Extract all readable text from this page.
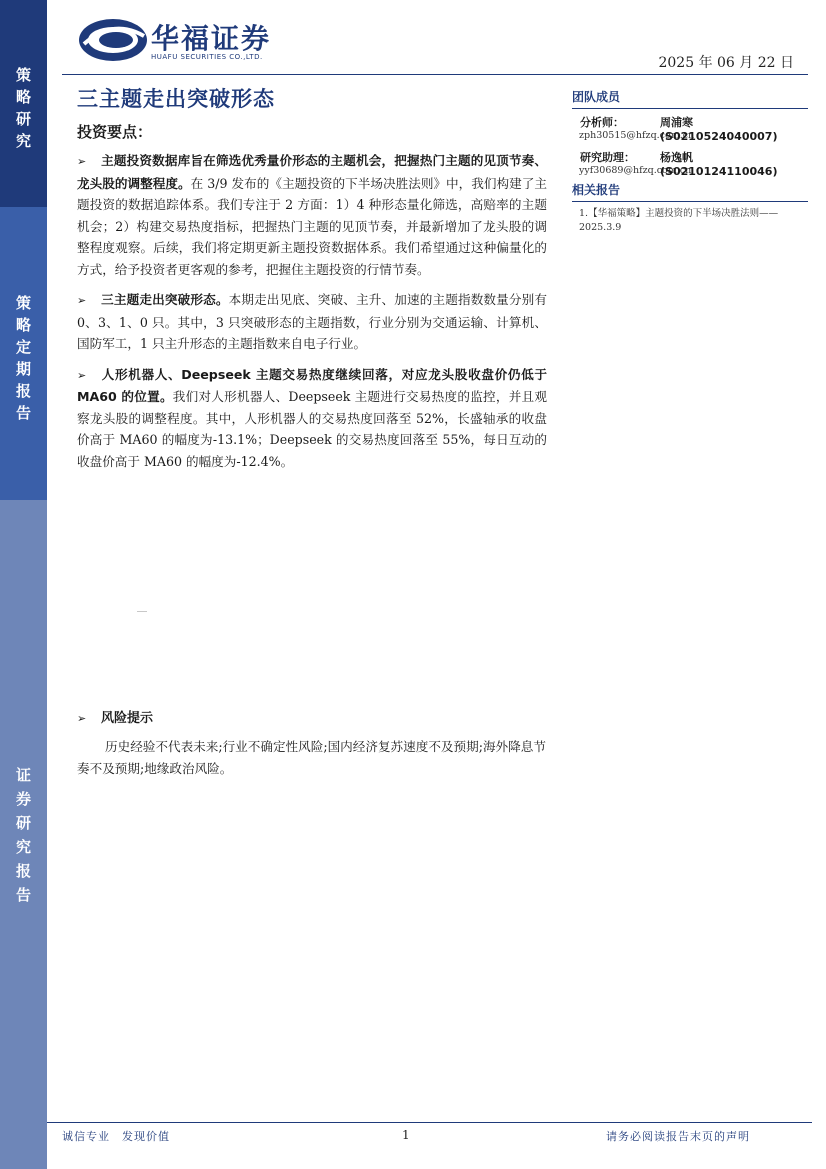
策
略
研
究
策
略
定
期
报
告
证
券
研
究
报
告
华福证券
HUAFU SECURITIES CO.,LTD.	2025 年 06 月 22 日
三主题走出突破形态
投资要点：

➢ 主题投资数据库旨在筛选优秀量价形态的主题机会，把握热门主题的见顶节奏、龙头股的调整程度。在 3/9 发布的《主题投资的下半场决胜法则》中，我们构建了主题投资的数据追踪体系。我们专注于 2 方面：1）4 种形态量化筛选，高赔率的主题机会；2）构建交易热度指标，把握热门主题的见顶节奏，并最新增加了龙头股的调整程度观察。后续，我们将定期更新主题投资数据体系。我们希望通过这种偏量化的方式，给予投资者更客观的参考，把握住主题投资的行情节奏。

➢ 三主题走出突破形态。本期走出见底、突破、主升、加速的主题指数数量分别有 0、3、1、0 只。其中，3 只突破形态的主题指数，行业分别为交通运输、计算机、国防军工，1 只主升形态的主题指数来自电子行业。

➢ 人形机器人、Deepseek 主题交易热度继续回落，对应龙头股收盘价仍低于 MA60 的位置。我们对人形机器人、Deepseek 主题进行交易热度的监控，并且观察龙头股的调整程度。其中，人形机器人的交易热度回落至 52%，长盛轴承的收盘价高于 MA60 的幅度为-13.1%；Deepseek 的交易热度回落至 55%，每日互动的收盘价高于 MA60 的幅度为-12.4%。

➢ 风险提示
历史经验不代表未来;行业不确定性风险;国内经济复苏速度不及预期;海外降息节奏不及预期;地缘政治风险。
团队成员
分析师：	周浦寒(S0210524040007)
zph30515@hfzq.com.cn
研究助理： 杨逸帆(S0210124110046)
yyf30689@hfzq.com.cn
相关报告
1.【华福策略】主题投资的下半场决胜法则——2025.3.9
诚信专业　发现价值	1	请务必阅读报告末页的声明
